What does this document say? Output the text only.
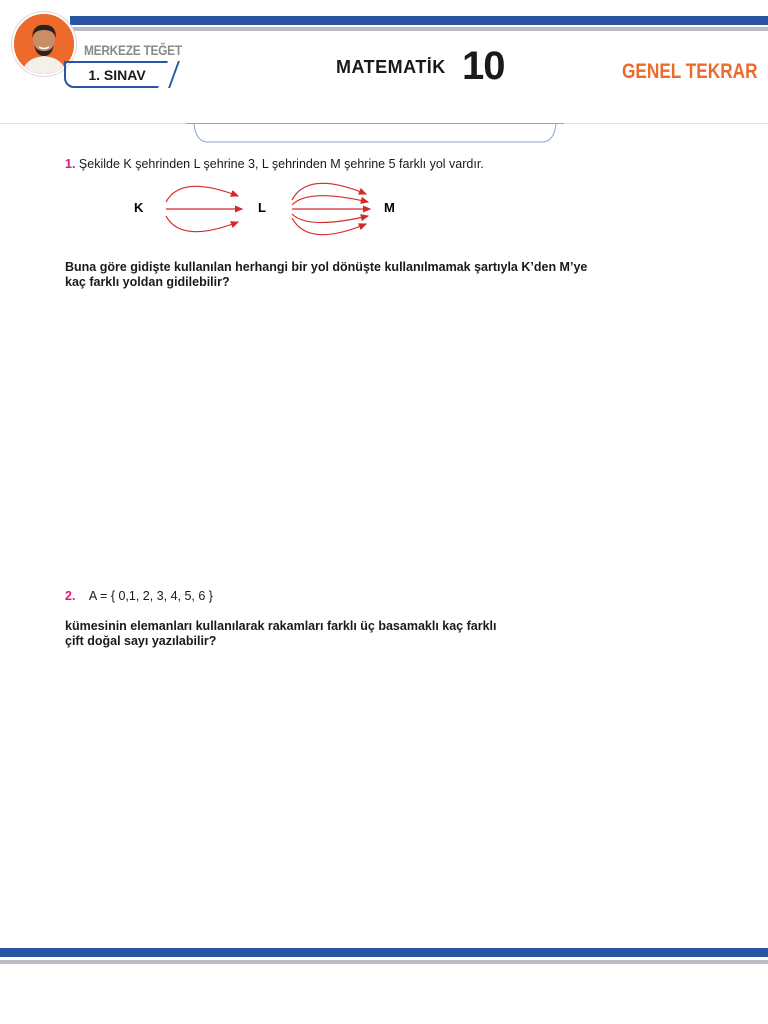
MERKEZE TEĞET
1. SINAV	MATEMATİK 10	GENEL TEKRAR
1. Şekilde K şehrinden L şehrine 3, L şehrinden M şehrine 5 farklı yol vardır.
K	L	M
Buna göre gidişte kullanılan herhangi bir yol dönüşte kullanılmamak şartıyla K’den M’ye
kaç farklı yoldan gidilebilir?
2. A = { 0,1, 2, 3, 4, 5, 6 }
kümesinin elemanları kullanılarak rakamları farklı üç basamaklı kaç farklı
çift doğal sayı yazılabilir?
